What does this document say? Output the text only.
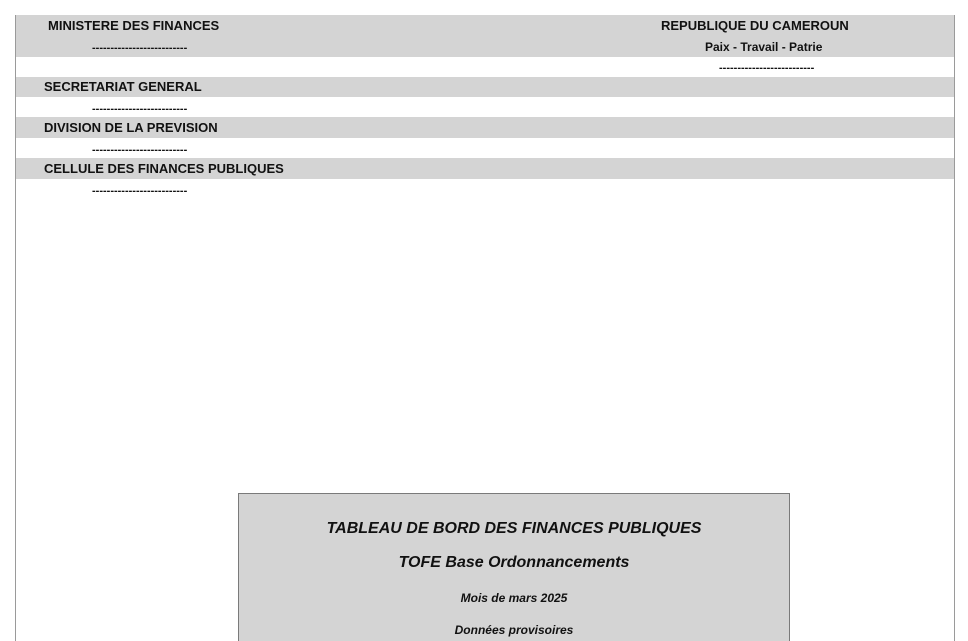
MINISTERE DES FINANCES
--------------------------
REPUBLIQUE DU CAMEROUN
Paix - Travail - Patrie
--------------------------
SECRETARIAT GENERAL
--------------------------
DIVISION DE LA PREVISION
--------------------------
CELLULE DES FINANCES PUBLIQUES
--------------------------
TABLEAU DE BORD DES FINANCES PUBLIQUES
TOFE Base Ordonnancements
Mois de mars 2025
Données provisoires
